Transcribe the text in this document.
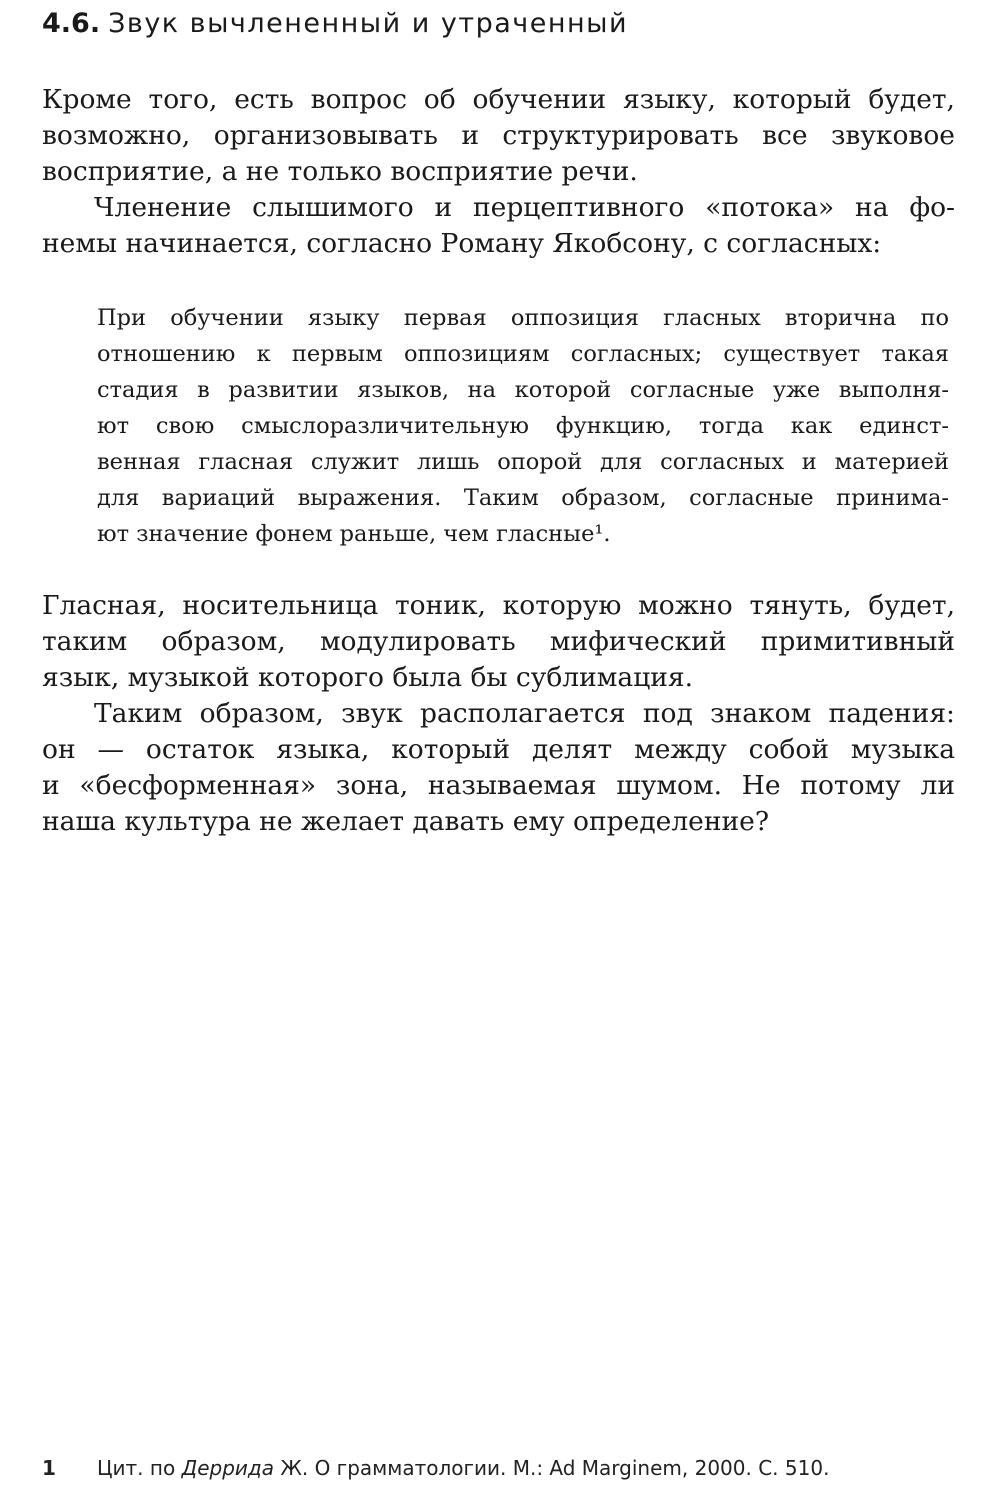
4.6. Звук вычлененный и утраченный
Кроме того, есть вопрос об обучении языку, который будет,
возможно, организовывать и структурировать все звуковое
восприятие, а не только восприятие речи.
Членение слышимого и перцептивного «потока» на фо-
немы начинается, согласно Роману Якобсону, с согласных:
При обучении языку первая оппозиция гласных вторична по
отношению к первым оппозициям согласных; существует такая
стадия в развитии языков, на которой согласные уже выполня-
ют свою смыслоразличительную функцию, тогда как единст-
венная гласная служит лишь опорой для согласных и материей
для вариаций выражения. Таким образом, согласные принима-
ют значение фонем раньше, чем гласные¹.
Гласная, носительница тоник, которую можно тянуть, будет,
таким образом, модулировать мифический примитивный
язык, музыкой которого была бы сублимация.
Таким образом, звук располагается под знаком падения:
он — остаток языка, который делят между собой музыка
и «бесформенная» зона, называемая шумом. Не потому ли
наша культура не желает давать ему определение?
1 Цит. по Деррида Ж. О грамматологии. М.: Ad Marginem, 2000. С. 510.
